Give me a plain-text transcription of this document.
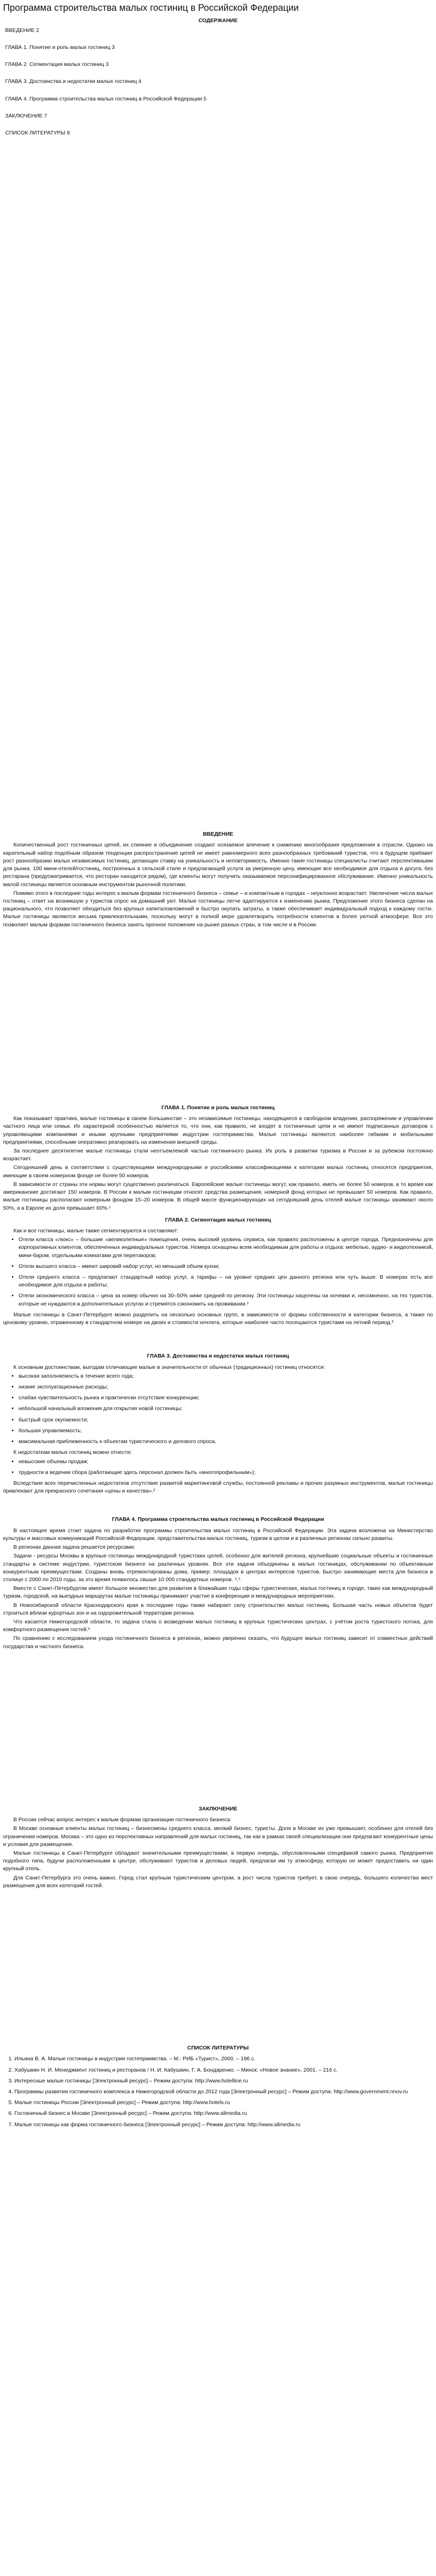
Программа строительства малых гостиниц в Российской Федерации
СОДЕРЖАНИЕ
ВВЕДЕНИЕ 2
ГЛАВА 1. Понятие и роль малых гостиниц 3
ГЛАВА 2. Сегментация малых гостиниц 3
ГЛАВА 3. Достоинства и недостатки малых гостиниц 4
ГЛАВА 4. Программа строительства малых гостиниц в Российской Федерации 5
ЗАКЛЮЧЕНИЕ 7
СПИСОК ЛИТЕРАТУРЫ 8
ВВЕДЕНИЕ

Количественный рост гостиничных цепей, их слияние и объединение создают осязаемое влечение к снижению многообразия предложения в отрасли. Однако на карательный набор подобным образом тенденции распространение цепей не имеет равномерного всех разнообразных требований туристов, что в будущем прибавит рост разнообразию малых независимых гостиниц, делающих ставку на уникальность и неповторимость. Именно такие гостиницы специалисты считают перспективными для рынка. 100 мини-отелей/гостиниц, построенных в сельской стиле и предлагающей услуги за умеренную цену, имеющие все необходимое для отдыха и досуга, без рестарана (предусматривается, что ресторан находится рядом), где клиенты могут получить оказываемое персонифицированное обслуживание. Именно уникальность малой гостиницы является основным инструментом рыночной политики.

Помимо этого в последние годы интерес к малым формам гостиничного бизнеса – семье – и компактным в городах – неуклонно возрастает. Увеличение числа малых гостиниц – ответ на возникшую у туристов спрос на домашний уют. Малые гостиницы легче адаптируются к изменению рынка. Предложение этого бизнеса сделан на рационального, что позволяет обходиться без крупных капиталовложений и быстро окупать затраты, а также обеспечивает индивидуальный подход к каждому гостю. Малые гостиницы являются весьма привлекательными, поскольку могут в полной мере удовлетворить потребности клиентов в более уютной атмосфере. Все это позволяет малым формам гостиничного бизнеса занять прочное положение на рынке разных стран, в том числе и в России.

ГЛАВА 1. Понятие и роль малых гостиниц

Как показывает практика, малые гостиницы в своем большинстве – это независимые гостиницы, находящиеся в свободном владении, распоряжении и управлении частного лица или семьи. Их характерной особенностью является то, что они, как правило, не входят в гостиничные цепи и не имеют подписанных договоров с управляющими компаниями и иными крупными предприятиями индустрии гостеприимства. Малые гостиницы являются наиболее гибкими и мобильными предприятиями, способными оперативно реагировать на изменения внешней среды.

За последнее десятилетие малые гостиницы стали неотъемлемой частью гостиничного рынка. Их роль в развитии туризма в России и за рубежом постоянно возрастает.

Сегодняшний день в соответствии с существующими международными и российскими классификациями к категории малых гостиниц относятся предприятия, имеющие в своем номерном фонде не более 50 номеров.

В зависимости от страны эти нормы могут существенно различаться. Европейские малые гостиницы могут, как правило, иметь не более 50 номеров, в то время как американские достигают 150 номеров. В России к малым гостиницам относят средства размещения, номерной фонд которых не превышает 50 номеров. Как правило, малые гостиницы располагают номерным фондом 15–20 номеров. В общей массе функционирующих на сегодняшний день отелей малые гостиницы занимают около 50%, а в Европе их доля превышает 60%.¹

ГЛАВА 2. Сегментация малых гостиниц

Как и все гостиницы, малые также сегментируются и составляют:

• Отели класса «люкс» – большие «великолепные» помещения, очень высокий уровень сервиса, как правило расположены в центре города. Предназначены для корпоративных клиентов, обеспеченных индивидуальных туристов. Номера оснащены всем необходимым для работы и отдыха: мебелью, аудио- и видеотехникой, мини-баром, отдельными комнатами для переговоров;
• Отели высшего класса – имеют широкий набор услуг, но меньший объем кухни;
• Отели среднего класса – предлагают стандартный набор услуг, а тарифы – на уровне средних цен данного региона или чуть выше. В номерах есть все необходимое для отдыха и работы;
• Отели экономического класса – цена за номер обычно на 30–50% ниже средней по региону. Эти гостиницы нацелены на ночевки и, несомненно, на тех туристов, которые не нуждаются в дополнительных услугах и стремятся сэкономить на проживании.¹

Малые гостиницы в Санкт-Петербурге можно разделить на несколько основных групп, в зависимости от формы собственности и категории бизнеса, а также по ценовому уровню, отраженному в стандартном номере на двоих и стоимости ночлега, которые наиболее часто посещаются туристами на летний период.³

ГЛАВА 3. Достоинства и недостатки малых гостиниц

К основным достоинствам, выгодам отличающие малые в значительности от обычных (традиционных) гостиниц относятся:

• высокая заполняемость в течение всего года;
• низкие эксплуатационные расходы;
• слабая чувствительность рынка и практически отсутствие конкуренции;
• небольшой начальный вложения для открытия новой гостиницы;
• быстрый срок окупаемости;
• большая управляемость;
• максимальная приближенность к объектам туристического и делового спроса.

К недостаткам малых гостиниц можно отнести:

• невысокие объемы продаж;
• трудности в ведении сбора (работающие здесь персонал должен быть «многопрофильным»);

Вследствие всех перечисленных недостатков отсутствие развитой маркетинговой службы, постоянной рекламы и прочих разумных инструментов, малые гостиницы привлекают для прекрасного сочетания «цены и качества».²

ГЛАВА 4. Программа строительства малых гостиниц в Российской Федерации

В настоящее время стоит задача по разработке программы строительства малых гостиниц в Российской Федерации. Эта задача возложена на Министерство культуры и массовых коммуникаций Российской Федерации, представительства малых гостиниц, туризм в целом и в различных регионах сильно развиты.

В регионах данная задача решается ресурсами:

Задачи - ресурсы Москвы в крупные гостиницы международной туристских целей, особенно для жителей региона, крупнейшие социальные объекты и гостиничные стандарты в системе индустрии, туристском бизнесе на различных уровнях. Все эти задачи объединены в малых гостиницах, обслуживании по объективным конкурентным преимуществам. Созданы вновь отремонтированы дома, пример: площадок в центрах интересов туристов. Быстро занимающие места для бизнеса в столице с 2000 по 2010 годы, за это время появилось свыше 10 000 стандартных номеров. ⁴,⁵

Вместе с Санкт-Петербургом имеет большое множество для развития в ближайшие годы сферы туристических, малых гостиниц в городе, таких как международный туризм, городской, на выездных маршрутах малые гостиницы принимают участие в конференции и международных мероприятиях.

В Новосибирской области Краснодарского края в последние годы также набирает силу строительство малых гостиниц. Большая часть новых объектов будет строиться вблизи курортных зон и на оздоровительной территории региона.

Что касается Нижегородской области, то задача стала о возведении малых гостиниц в крупных туристических центрах, с учётом роста туристского потока, для комфортного размещения гостей.⁶

По сравнению с исследованием ухода гостиничного бизнеса в регионах, можно уверенно сказать, что будущее малых гостиниц зависит от совместных действий государства и частного бизнеса.

ЗАКЛЮЧЕНИЕ

В России сейчас вопрос интерес к малым формам организации гостиничного бизнеса.

В Москве основные клиенты малых гостиниц – бизнесмены среднего класса, мелкий бизнес, туристы. Доля в Москве их уже превышает, особенно для отелей без ограничения номеров. Москва – это одно из перспективных направлений для малых гостиниц, так как в рамках своей специализации они предлагают конкурентные цены и условия для размещения.

Малые гостиницы в Санкт-Петербурге обладают значительными преимуществами, в первую очередь, обусловленными спецификой самого рынка. Предприятия подобного типа, будучи расположенными в центре, обслуживают туристов и деловых людей, предлагая им ту атмосферу, которую не может предоставить ни один крупный отель.

Для Санкт-Петербурга это очень важно. Город стал крупным туристическим центром, а рост числа туристов требует, в свою очередь, большего количества мест размещения для всех категорий гостей.

СПИСОК ЛИТЕРАТУРЫ
1. Ильина В. А. Малые гостиницы в индустрии гостеприимства. – М.: РИБ «Турист», 2000. – 196 с.
2. Хабушкин Н. И. Менеджмент гостиниц и ресторанов / Н. И. Кабушкин, Г. А. Бондаренко. – Минск: «Новое знание», 2001. – 216 с.
3. Интересные малые гостиницы [Электронный ресурс] – Режим доступа: http://www.hotelline.ru
4. Программы развития гостиничного комплекса в Нижегородской области до 2012 года [Электронный ресурс] – Режим доступа: http://www.government.nnov.ru
5. Малые гостиницы России [Электронный ресурс] – Режим доступа: http://www.hotels.ru
6. Гостиничный бизнес в Москве [Электронный ресурс] – Режим доступа: http://www.allmedia.ru
7. Малые гостиницы как форма гостиничного бизнеса [Электронный ресурс] – Режим доступа: http://www.allmedia.ru
